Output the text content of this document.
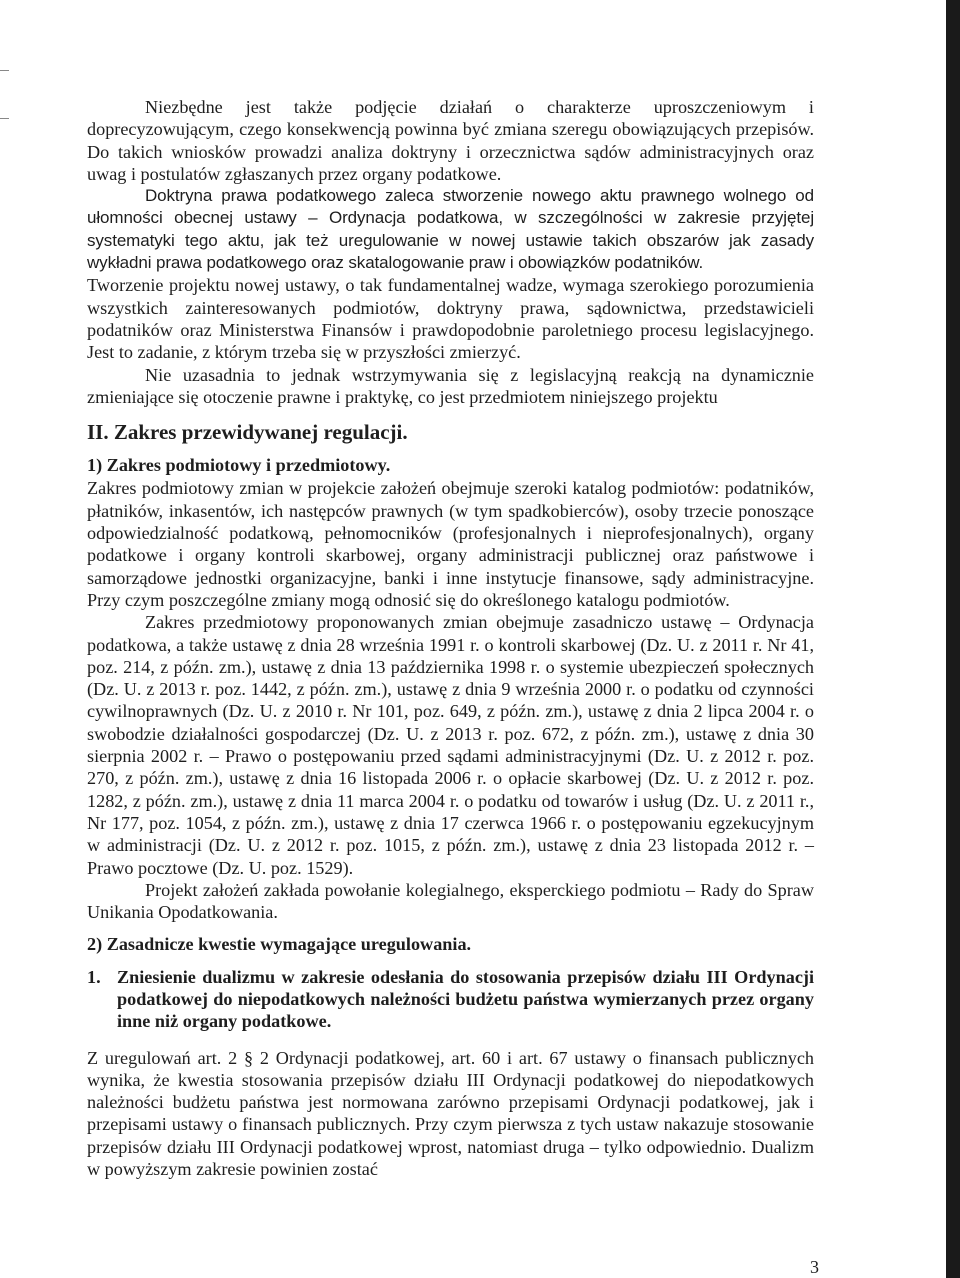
Niezbędne jest także podjęcie działań o charakterze uproszczeniowym i doprecyzowującym, czego konsekwencją powinna być zmiana szeregu obowiązujących przepisów. Do takich wniosków prowadzi analiza doktryny i orzecznictwa sądów administracyjnych oraz uwag i postulatów zgłaszanych przez organy podatkowe.

Doktryna prawa podatkowego zaleca stworzenie nowego aktu prawnego wolnego od ułomności obecnej ustawy – Ordynacja podatkowa, w szczególności w zakresie przyjętej systematyki tego aktu, jak też uregulowanie w nowej ustawie takich obszarów jak zasady wykładni prawa podatkowego oraz skatalogowanie praw i obowiązków podatników.

Tworzenie projektu nowej ustawy, o tak fundamentalnej wadze, wymaga szerokiego porozumienia wszystkich zainteresowanych podmiotów, doktryny prawa, sądownictwa, przedstawicieli podatników oraz Ministerstwa Finansów i prawdopodobnie paroletniego procesu legislacyjnego. Jest to zadanie, z którym trzeba się w przyszłości zmierzyć.

Nie uzasadnia to jednak wstrzymywania się z legislacyjną reakcją na dynamicznie zmieniające się otoczenie prawne i praktykę, co jest przedmiotem niniejszego projektu

II. Zakres przewidywanej regulacji.
1) Zakres podmiotowy i przedmiotowy.

Zakres podmiotowy zmian w projekcie założeń obejmuje szeroki katalog podmiotów: podatników, płatników, inkasentów, ich następców prawnych (w tym spadkobierców), osoby trzecie ponoszące odpowiedzialność podatkową, pełnomocników (profesjonalnych i nieprofesjonalnych), organy podatkowe i organy kontroli skarbowej, organy administracji publicznej oraz państwowe i samorządowe jednostki organizacyjne, banki i inne instytucje finansowe, sądy administracyjne. Przy czym poszczególne zmiany mogą odnosić się do określonego katalogu podmiotów.

Zakres przedmiotowy proponowanych zmian obejmuje zasadniczo ustawę – Ordynacja podatkowa, a także ustawę z dnia 28 września 1991 r. o kontroli skarbowej (Dz. U. z 2011 r. Nr 41, poz. 214, z późn. zm.), ustawę z dnia 13 października 1998 r. o systemie ubezpieczeń społecznych (Dz. U. z 2013 r. poz. 1442, z późn. zm.), ustawę z dnia 9 września 2000 r. o podatku od czynności cywilnoprawnych (Dz. U. z 2010 r. Nr 101, poz. 649, z późn. zm.), ustawę z dnia 2 lipca 2004 r. o swobodzie działalności gospodarczej (Dz. U. z 2013 r. poz. 672, z późn. zm.), ustawę z dnia 30 sierpnia 2002 r. – Prawo o postępowaniu przed sądami administracyjnymi (Dz. U. z 2012 r. poz. 270, z późn. zm.), ustawę z dnia 16 listopada 2006 r. o opłacie skarbowej (Dz. U. z 2012 r. poz. 1282, z późn. zm.), ustawę z dnia 11 marca 2004 r. o podatku od towarów i usług (Dz. U. z 2011 r., Nr 177, poz. 1054, z późn. zm.), ustawę z dnia 17 czerwca 1966 r. o postępowaniu egzekucyjnym w administracji (Dz. U. z 2012 r. poz. 1015, z późn. zm.), ustawę z dnia 23 listopada 2012 r. – Prawo pocztowe (Dz. U. poz. 1529).

Projekt założeń zakłada powołanie kolegialnego, eksperckiego podmiotu – Rady do Spraw Unikania Opodatkowania.

2) Zasadnicze kwestie wymagające uregulowania.
1. Zniesienie dualizmu w zakresie odesłania do stosowania przepisów działu III Ordynacji podatkowej do niepodatkowych należności budżetu państwa wymierzanych przez organy inne niż organy podatkowe.

Z uregulowań art. 2 § 2 Ordynacji podatkowej, art. 60 i art. 67 ustawy o finansach publicznych wynika, że kwestia stosowania przepisów działu III Ordynacji podatkowej do niepodatkowych należności budżetu państwa jest normowana zarówno przepisami Ordynacji podatkowej, jak i przepisami ustawy o finansach publicznych. Przy czym pierwsza z tych ustaw nakazuje stosowanie przepisów działu III Ordynacji podatkowej wprost, natomiast druga – tylko odpowiednio. Dualizm w powyższym zakresie powinien zostać

3
